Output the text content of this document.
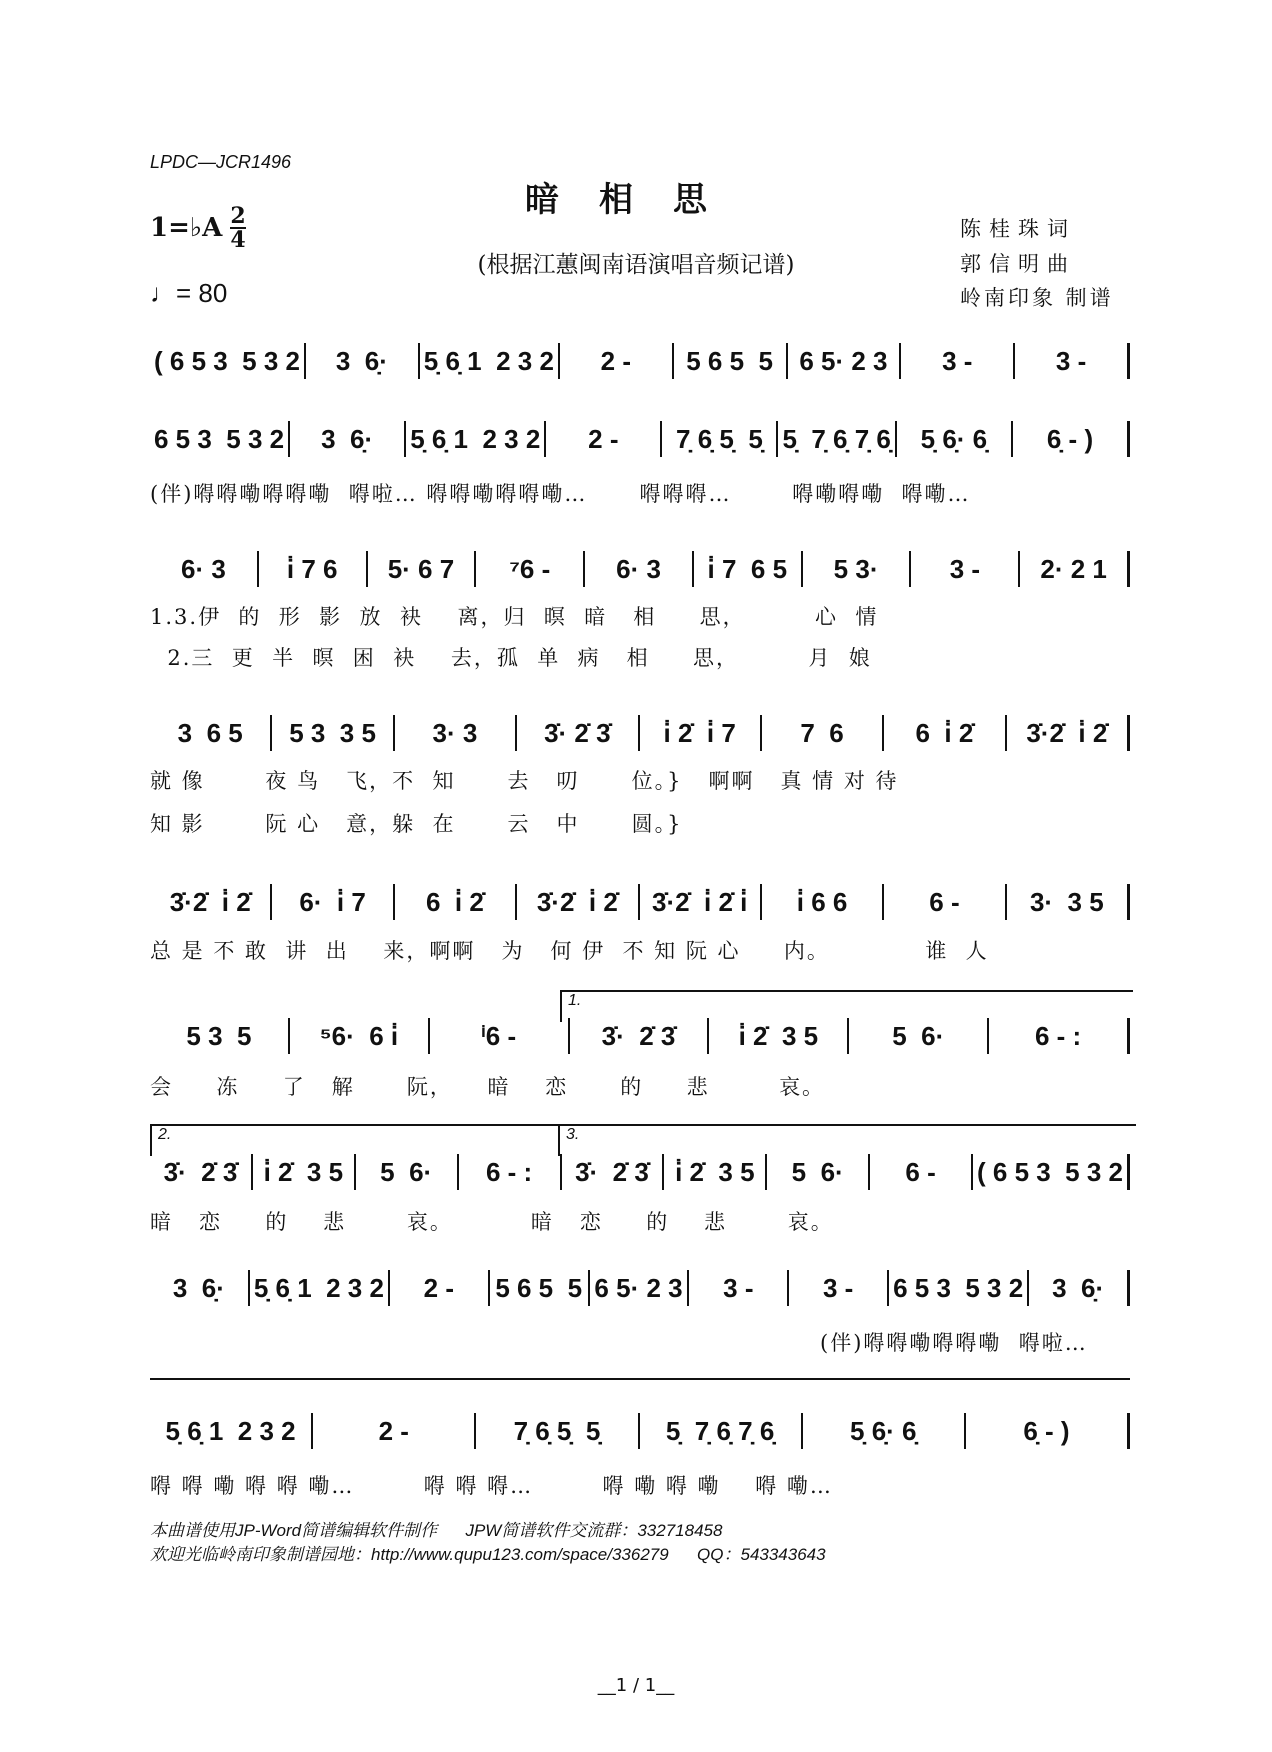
LPDC—JCR1496
暗相思
1=♭A $\frac{2}{4}$
(根据江蕙闽南语演唱音频记谱)
♩= 80
陈桂珠词
郭信明曲
岭南印象 制谱
( 6 5 3  5 3 2	3  6̣·	5̣ 6̣ 1  2 3 2	2 -	5 6 5  5	6 5· 2 3	3 -	3 -
6 5 3  5 3 2	3  6̣·	5̣ 6̣ 1  2 3 2	2 -	7̣ 6̣ 5̣  5̣ 5̣  7̣ 6̣ 7̣ 6̣	5̣ 6̣· 6̣	6̣ - )
(伴)嘚嘚嘞嘚嘚嘞  嘚啦… 嘚嘚嘞嘚嘚嘞…      嘚嘚嘚…       嘚嘞嘚嘞  嘚嘞…
6· 3	i̇ 7 6	5· 6 7	⁷6 -	6· 3	i̇ 7  6 5	5 3·	3 -	2· 2 1
1.3.伊  的  形  影  放  袂    离，归  暝  暗   相     思，        心  情
2.三  更  半  暝  困  袂    去，孤  单  病   相     思，        月  娘
3  6 5	5 3  3 5	3· 3	3̇· 2̇ 3̇	i̇ 2̇  i̇ 7	7  6	6  i̇ 2̇	3̇·2̇  i̇ 2̇
就 像       夜 鸟   飞，不  知      去   叨      位。}   啊啊   真 情 对 待
知 影       阮 心   意，躲  在      云   中      圆。}
3̇·2̇  i̇ 2̇	6·  i̇ 7	6  i̇ 2̇	3̇·2̇  i̇ 2̇	3̇·2̇  i̇ 2̇ i̇	i̇ 6 6	6 -	3·  3 5
总 是 不 敢  讲  出    来，啊啊   为   何 伊  不 知 阮 心     内。           谁  人
5 3  5	⁵6·  6 i̇	ⁱ6 -	3̇·  2̇ 3̇	i̇ 2̇  3 5	5  6·	6 - :
1.
会     冻     了   解      阮，    暗    恋      的     悲        哀。
3̇·  2̇ 3̇	i̇ 2̇  3 5	5  6·	6 - :	3̇·  2̇ 3̇	i̇ 2̇  3 5	5  6·	6 -	( 6 5 3  5 3 2
2.	3.
暗   恋     的    悲       哀。         暗   恋     的    悲       哀。
3  6̣·	5̣ 6̣ 1  2 3 2	2 -	5 6 5  5 6 5· 2 3	3 -	3 -	6 5 3  5 3 2	3  6̣·
(伴)嘚嘚嘞嘚嘚嘞  嘚啦…
5̣ 6̣ 1  2 3 2	2 -	7̣ 6̣ 5̣  5̣	5̣  7̣ 6̣ 7̣ 6̣	5̣ 6̣· 6̣	6̣ - )
嘚 嘚 嘞 嘚 嘚 嘞…        嘚 嘚 嘚…        嘚 嘞 嘚 嘞    嘚 嘞…
本曲谱使用JP-Word简谱编辑软件制作      JPW简谱软件交流群：332718458
欢迎光临岭南印象制谱园地：http://www.qupu123.com/space/336279      QQ：543343643
__1 / 1__
